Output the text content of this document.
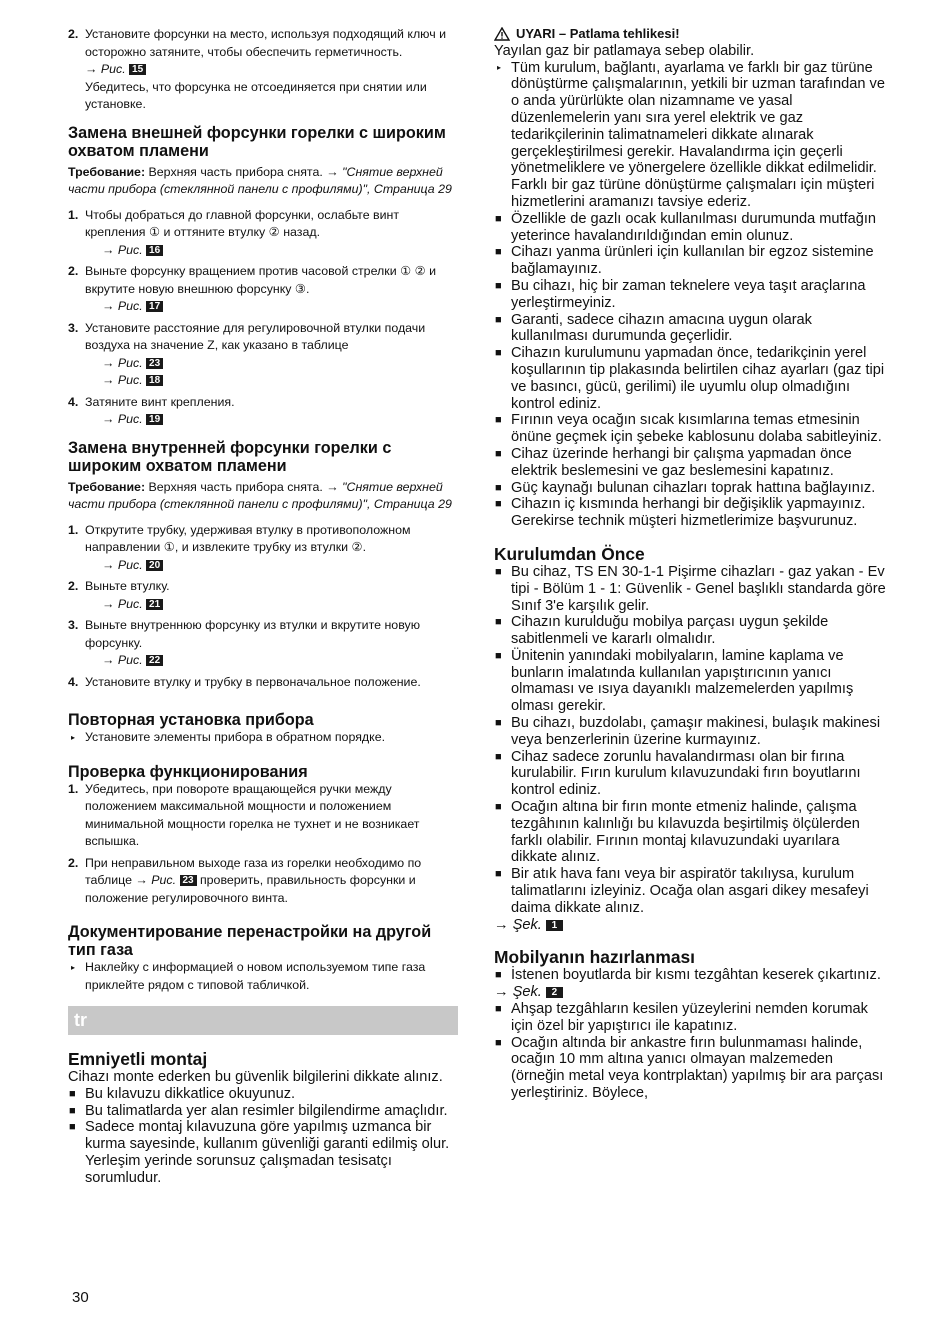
2. Установите форсунки на место, используя подходящий ключ и осторожно затяните, чтобы обеспечить герметичность.

→ Рис. 15

Убедитесь, что форсунка не отсоединяется при снятии или установке.

Замена внешней форсунки горелки с широким охватом пламени

Требование: Верхняя часть прибора снята. → "Снятие верхней части прибора (стеклянной панели с профилями)", Страница 29

1. Чтобы добраться до главной форсунки, ослабьте винт крепления ① и оттяните втулку ② назад.
→ Рис. 16
2. Выньте форсунку вращением против часовой стрелки ① ② и вкрутите новую внешнюю форсунку ③.
→ Рис. 17
3. Установите расстояние для регулировочной втулки подачи воздуха на значение Z, как указано в таблице
→ Рис. 23
→ Рис. 18
4. Затяните винт крепления.
→ Рис. 19
Замена внутренней форсунки горелки с широким охватом пламени

Требование: Верхняя часть прибора снята. → "Снятие верхней части прибора (стеклянной панели с профилями)", Страница 29

1. Открутите трубку, удерживая втулку в противоположном направлении ①, и извлеките трубку из втулки ②.
→ Рис. 20
2. Выньте втулку.
→ Рис. 21
3. Выньте внутреннюю форсунку из втулки и вкрутите новую форсунку.
→ Рис. 22
4. Установите втулку и трубку в первоначальное положение.
Повторная установка прибора
▸ Установите элементы прибора в обратном порядке.
Проверка функционирования
1. Убедитесь, при повороте вращающейся ручки между положением максимальной мощности и положением минимальной мощности горелка не тухнет и не возникает вспышка.
2. При неправильном выходе газа из горелки необходимо по таблице → Рис. 23 проверить, правильность форсунки и положение регулировочного винта.
Документирование перенастройки на другой тип газа
▸ Наклейку с информацией о новом используемом типе газа приклейте рядом с типовой табличкой.
tr
Emniyetli montaj

Cihazı monte ederken bu güvenlik bilgilerini dikkate alınız.

■ Bu kılavuzu dikkatlice okuyunuz.
■ Bu talimatlarda yer alan resimler bilgilendirme amaçlıdır.
■ Sadece montaj kılavuzuna göre yapılmış uzmanca bir kurma sayesinde, kullanım güvenliği garanti edilmiş olur. Yerleşim yerinde sorunsuz çalışmadan tesisatçı sorumludur.
30
UYARI – Patlama tehlikesi!

Yayılan gaz bir patlamaya sebep olabilir.

▸ Tüm kurulum, bağlantı, ayarlama ve farklı bir gaz türüne dönüştürme çalışmalarının, yetkili bir uzman tarafından ve o anda yürürlükte olan nizamname ve yasal düzenlemelerin yanı sıra yerel elektrik ve gaz tedarikçilerinin talimatnameleri dikkate alınarak gerçekleştirilmesi gerekir. Havalandırma için geçerli yönetmeliklere ve yönergelere özellikle dikkat edilmelidir. Farklı bir gaz türüne dönüştürme çalışmaları için müşteri hizmetlerini aramanızı tavsiye ederiz.
■ Özellikle de gazlı ocak kullanılması durumunda mutfağın yeterince havalandırıldığından emin olunuz.
■ Cihazı yanma ürünleri için kullanılan bir egzoz sistemine bağlamayınız.
■ Bu cihazı, hiç bir zaman teknelere veya taşıt araçlarına yerleştirmeyiniz.
■ Garanti, sadece cihazın amacına uygun olarak kullanılması durumunda geçerlidir.
■ Cihazın kurulumunu yapmadan önce, tedarikçinin yerel koşullarının tip plakasında belirtilen cihaz ayarları (gaz tipi ve basıncı, gücü, gerilimi) ile uyumlu olup olmadığını kontrol ediniz.
■ Fırının veya ocağın sıcak kısımlarına temas etmesinin önüne geçmek için şebeke kablosunu dolaba sabitleyiniz.
■ Cihaz üzerinde herhangi bir çalışma yapmadan önce elektrik beslemesini ve gaz beslemesini kapatınız.
■ Güç kaynağı bulunan cihazları toprak hattına bağlayınız.
■ Cihazın iç kısmında herhangi bir değişiklik yapmayınız. Gerekirse technik müşteri hizmetlerimize başvurunuz.
Kurulumdan Önce
■ Bu cihaz, TS EN 30-1-1 Pişirme cihazları - gaz yakan - Ev tipi - Bölüm 1 - 1: Güvenlik - Genel başlıklı standarda göre Sınıf 3'e karşılık gelir.
■ Cihazın kurulduğu mobilya parçası uygun şekilde sabitlenmeli ve kararlı olmalıdır.
■ Ünitenin yanındaki mobilyaların, lamine kaplama ve bunların imalatında kullanılan yapıştırıcının yanıcı olmaması ve ısıya dayanıklı malzemelerden yapılmış olması gerekir.
■ Bu cihazı, buzdolabı, çamaşır makinesi, bulaşık makinesi veya benzerlerinin üzerine kurmayınız.
■ Cihaz sadece zorunlu havalandırması olan bir fırına kurulabilir. Fırın kurulum kılavuzundaki fırın boyutlarını kontrol ediniz.
■ Ocağın altına bir fırın monte etmeniz halinde, çalışma tezgâhının kalınlığı bu kılavuzda beşirtilmiş ölçülerden farklı olabilir. Fırının montaj kılavuzundaki uyarılara dikkate alınız.
■ Bir atık hava fanı veya bir aspiratör takılıysa, kurulum talimatlarını izleyiniz. Ocağa olan asgari dikey mesafeyi daima dikkate alınız.

→ Şek. 1

Mobilyanın hazırlanması
■ İstenen boyutlarda bir kısmı tezgâhtan keserek çıkartınız.

→ Şek. 2

■ Ahşap tezgâhların kesilen yüzeylerini nemden korumak için özel bir yapıştırıcı ile kapatınız.
■ Ocağın altında bir ankastre fırın bulunmaması halinde, ocağın 10 mm altına yanıcı olmayan malzemeden (örneğin metal veya kontrplaktan) yapılmış bir ara parçası yerleştiriniz. Böylece,
